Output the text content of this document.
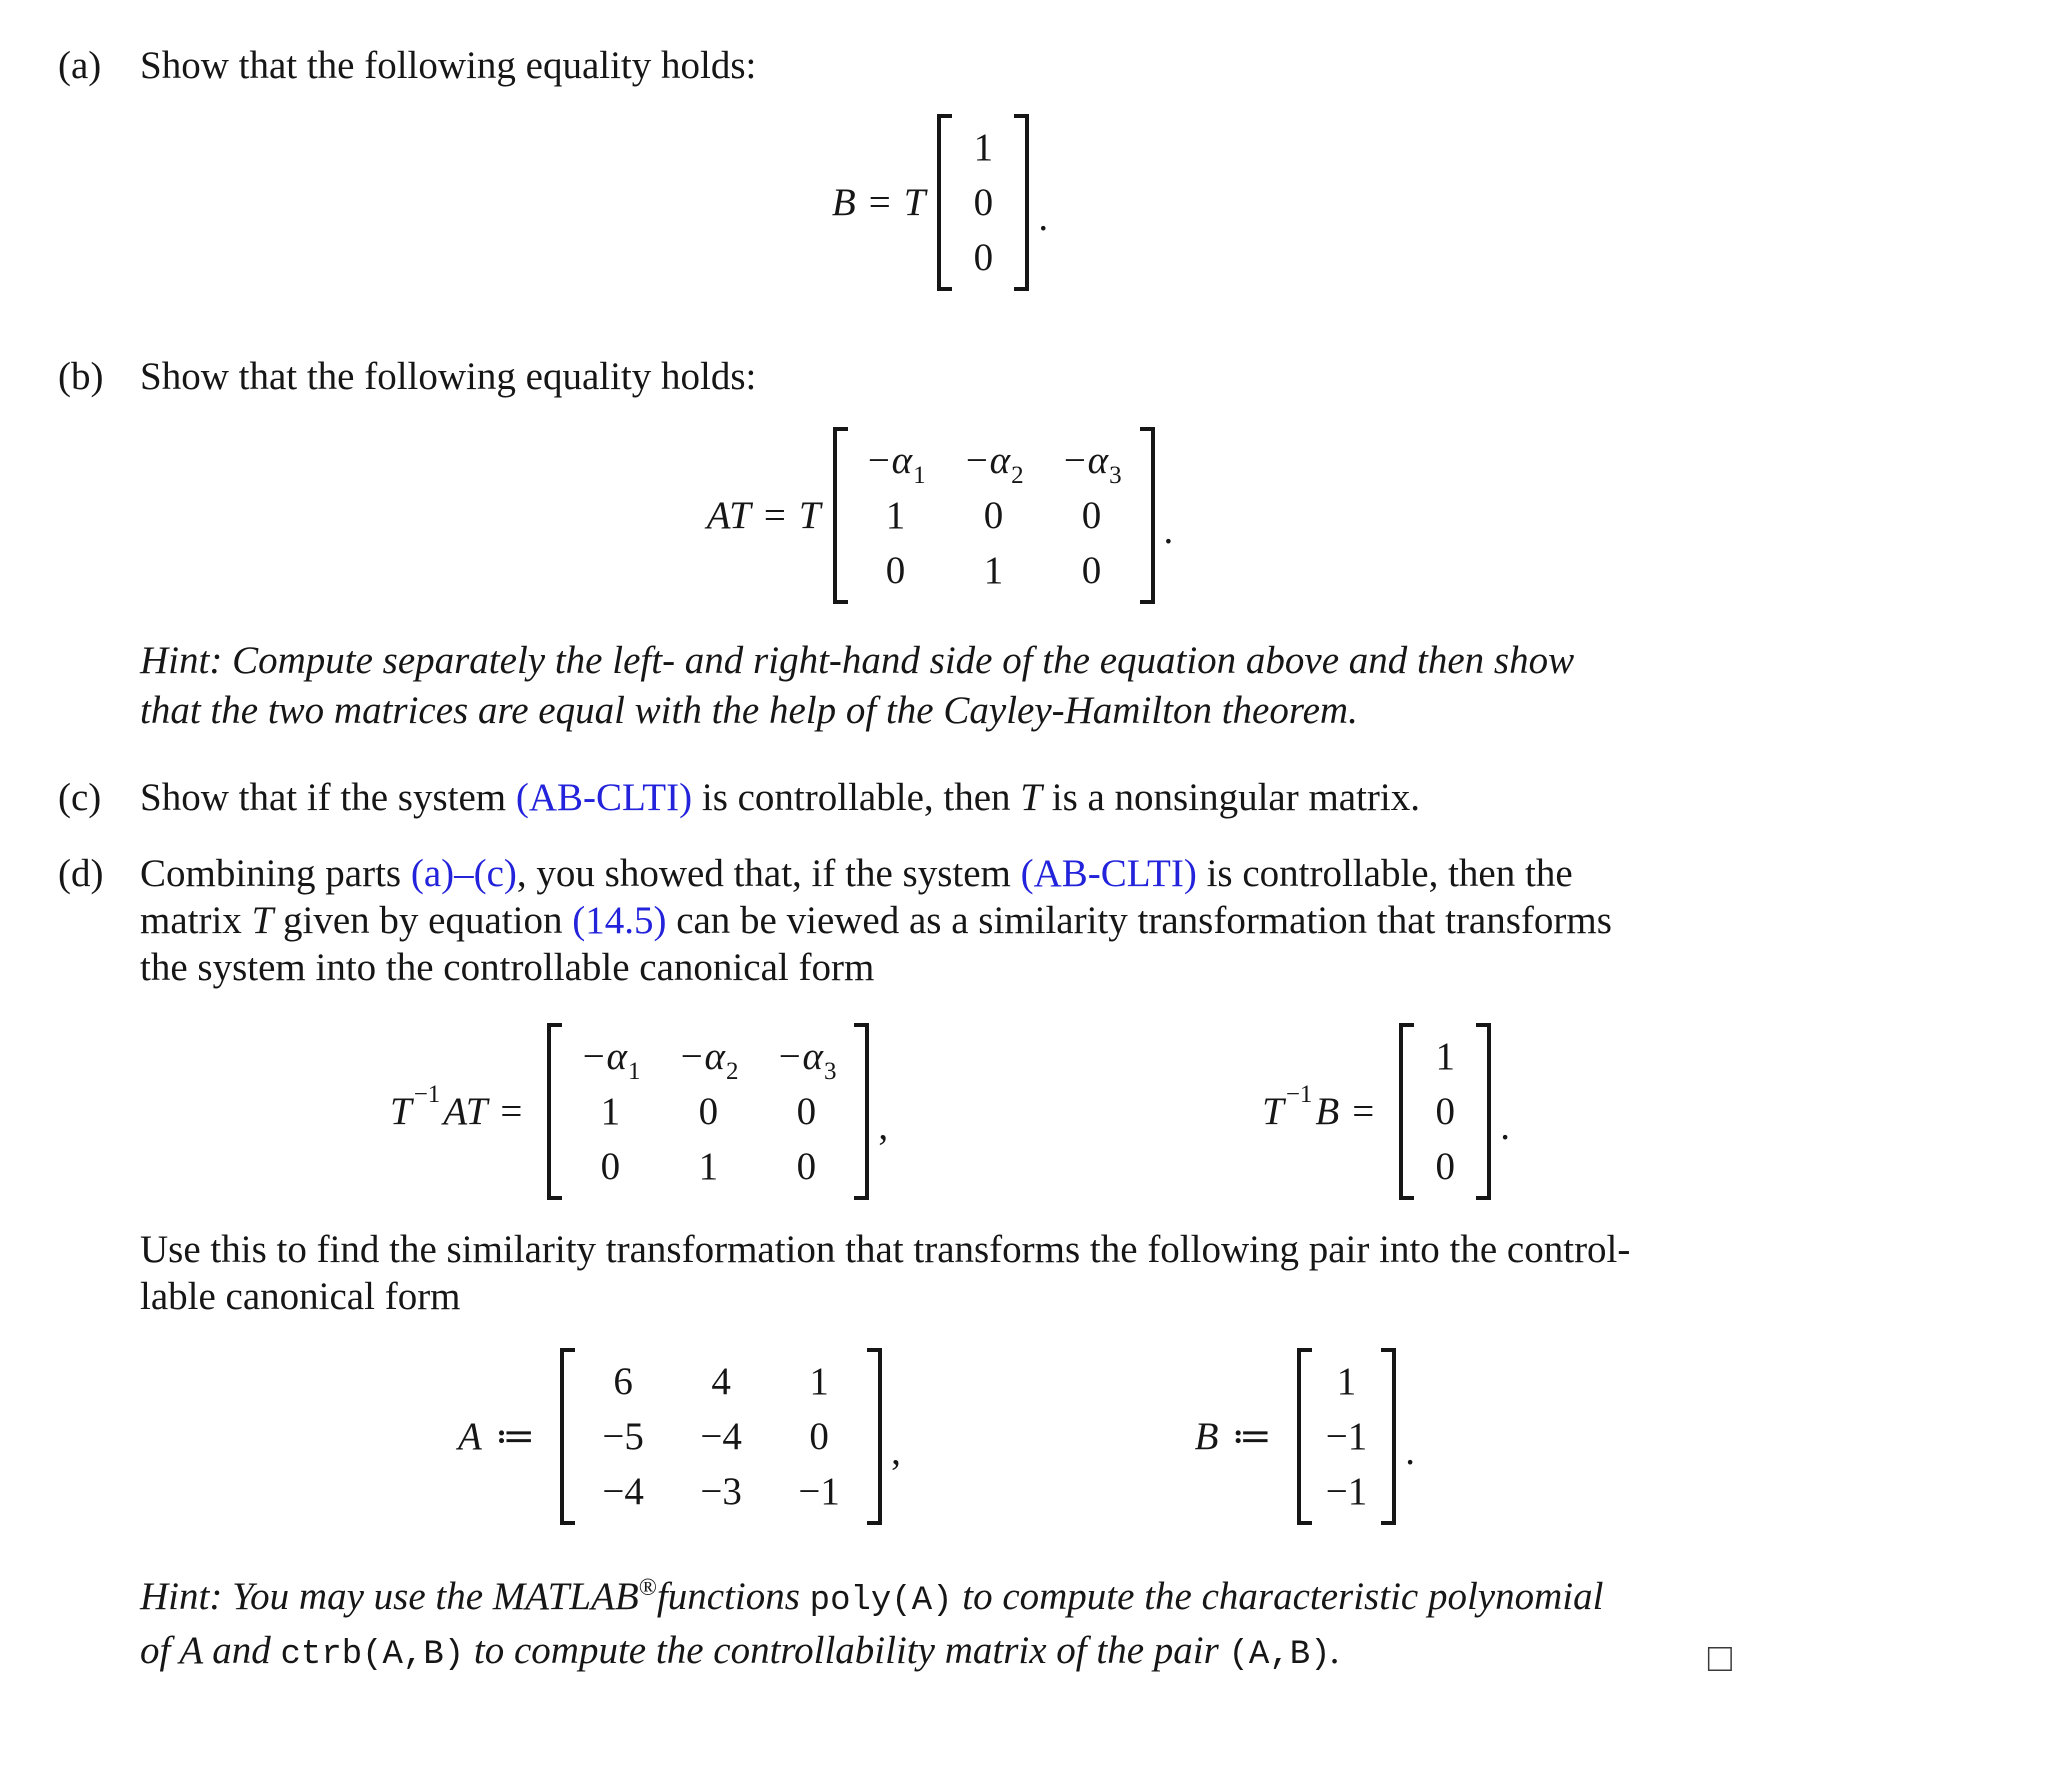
(a) Show that the following equality holds:
B = T
1
0
0
.
(b) Show that the following equality holds:
AT = T
$-\alpha_1 -\alpha_2 -\alpha_3$
1	0	0
0	1	0
.
Hint: Compute separately the left- and right-hand side of the equation above and then show
that the two matrices are equal with the help of the Cayley-Hamilton theorem.
(c) Show that if the system (AB-CLTI) is controllable, then T is a nonsingular matrix.
(d) Combining parts (a)–(c), you showed that, if the system (AB-CLTI) is controllable, then the
matrix T given by equation (14.5) can be viewed as a similarity transformation that transforms
the system into the controllable canonical form
T −1 AT =
$-\alpha_1 -\alpha_2 -\alpha_3$
1	0	0
0	1	0
,	T −1 B =
1
0
0
.
Use this to find the similarity transformation that transforms the following pair into the control-
lable canonical form
A ≔
6	4	1
−5 −4	0
−4 −3 −1
,	B ≔
1
−1
−1
.
Hint: You may use the MATLAB®functions poly(A) to compute the characteristic polynomial
of A and ctrb(A,B) to compute the controllability matrix of the pair (A,B).	□
